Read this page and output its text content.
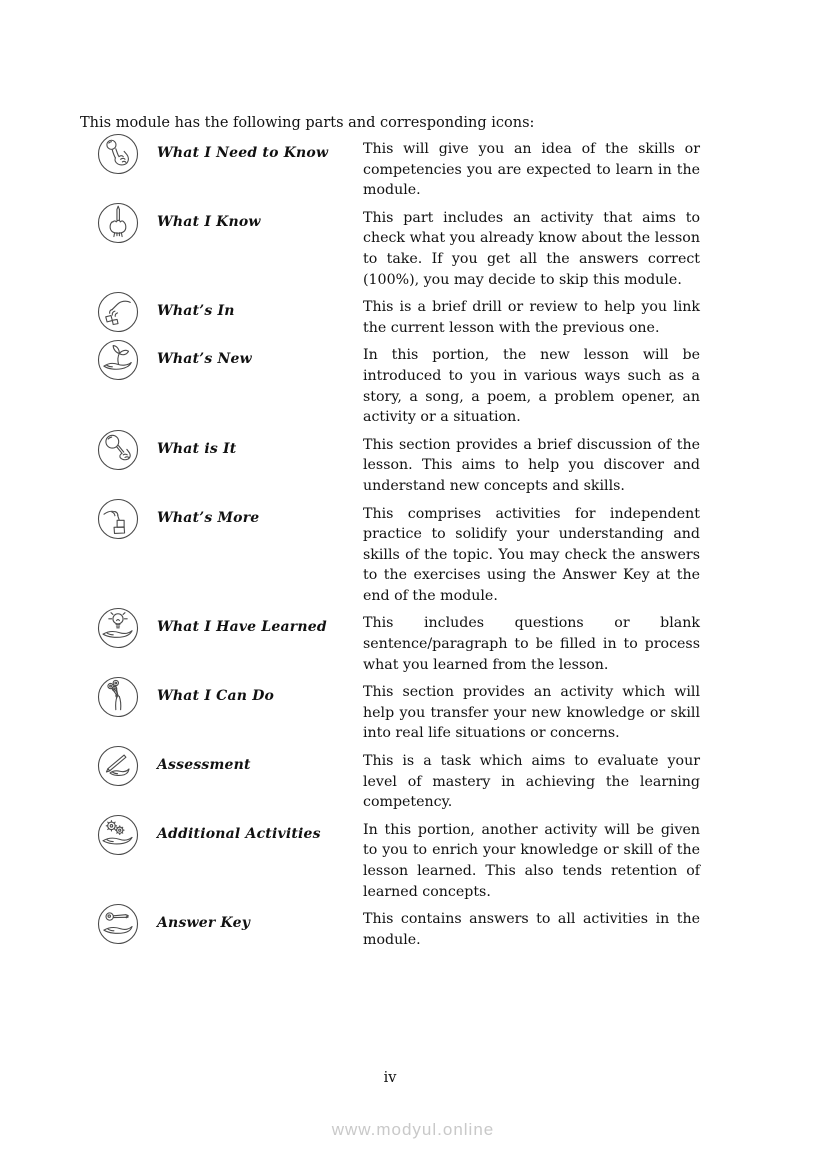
This module has the following parts and corresponding icons:

What I Need to Know	This will give you an idea of the skills or competencies you are expected to learn in the module.
What I Know	This part includes an activity that aims to check what you already know about the lesson to take. If you get all the answers correct (100%), you may decide to skip this module.
What’s In	This is a brief drill or review to help you link the current lesson with the previous one.
What’s New	In this portion, the new lesson will be introduced to you in various ways such as a story, a song, a poem, a problem opener, an activity or a situation.
What is It	This section provides a brief discussion of the lesson. This aims to help you discover and understand new concepts and skills.
What’s More	This comprises activities for independent practice to solidify your understanding and skills of the topic. You may check the answers to the exercises using the Answer Key at the end of the module.
What I Have Learned	This includes questions or blank sentence/paragraph to be filled in to process what you learned from the lesson.
What I Can Do	This section provides an activity which will help you transfer your new knowledge or skill into real life situations or concerns.
Assessment	This is a task which aims to evaluate your level of mastery in achieving the learning competency.
Additional Activities	In this portion, another activity will be given to you to enrich your knowledge or skill of the lesson learned. This also tends retention of learned concepts.
Answer Key	This contains answers to all activities in the module.
iv
www.modyul.online
